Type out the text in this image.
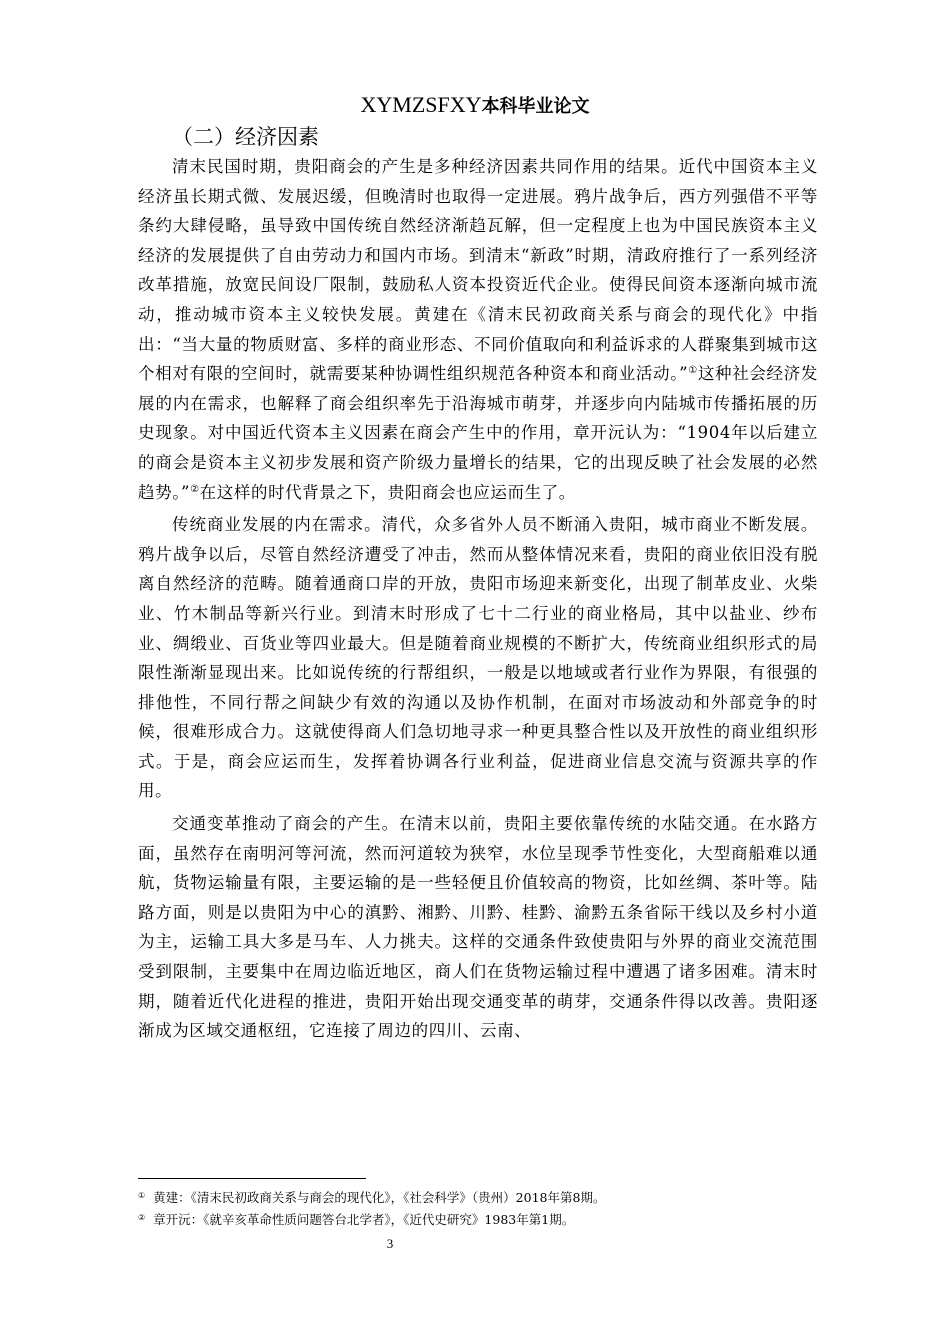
XYMZSFXY本科毕业论文
（二）经济因素

清末民国时期，贵阳商会的产生是多种经济因素共同作用的结果。近代中国资本主义经济虽长期式微、发展迟缓，但晚清时也取得一定进展。鸦片战争后，西方列强借不平等条约大肆侵略，虽导致中国传统自然经济渐趋瓦解，但一定程度上也为中国民族资本主义经济的发展提供了自由劳动力和国内市场。到清末“新政”时期，清政府推行了一系列经济改革措施，放宽民间设厂限制，鼓励私人资本投资近代企业。使得民间资本逐渐向城市流动，推动城市资本主义较快发展。黄建在《清末民初政商关系与商会的现代化》中指出：“当大量的物质财富、多样的商业形态、不同价值取向和利益诉求的人群聚集到城市这个相对有限的空间时，就需要某种协调性组织规范各种资本和商业活动。”①这种社会经济发展的内在需求，也解释了商会组织率先于沿海城市萌芽，并逐步向内陆城市传播拓展的历史现象。对中国近代资本主义因素在商会产生中的作用，章开沅认为：“1904年以后建立的商会是资本主义初步发展和资产阶级力量增长的结果，它的出现反映了社会发展的必然趋势。”②在这样的时代背景之下，贵阳商会也应运而生了。

传统商业发展的内在需求。清代，众多省外人员不断涌入贵阳，城市商业不断发展。鸦片战争以后，尽管自然经济遭受了冲击，然而从整体情况来看，贵阳的商业依旧没有脱离自然经济的范畴。随着通商口岸的开放，贵阳市场迎来新变化，出现了制革皮业、火柴业、竹木制品等新兴行业。到清末时形成了七十二行业的商业格局，其中以盐业、纱布业、绸缎业、百货业等四业最大。但是随着商业规模的不断扩大，传统商业组织形式的局限性渐渐显现出来。比如说传统的行帮组织，一般是以地域或者行业作为界限，有很强的排他性，不同行帮之间缺少有效的沟通以及协作机制，在面对市场波动和外部竞争的时候，很难形成合力。这就使得商人们急切地寻求一种更具整合性以及开放性的商业组织形式。于是，商会应运而生，发挥着协调各行业利益，促进商业信息交流与资源共享的作用。

交通变革推动了商会的产生。在清末以前，贵阳主要依靠传统的水陆交通。在水路方面，虽然存在南明河等河流，然而河道较为狭窄，水位呈现季节性变化，大型商船难以通航，货物运输量有限，主要运输的是一些轻便且价值较高的物资，比如丝绸、茶叶等。陆路方面，则是以贵阳为中心的滇黔、湘黔、川黔、桂黔、渝黔五条省际干线以及乡村小道为主，运输工具大多是马车、人力挑夫。这样的交通条件致使贵阳与外界的商业交流范围受到限制，主要集中在周边临近地区，商人们在货物运输过程中遭遇了诸多困难。清末时期，随着近代化进程的推进，贵阳开始出现交通变革的萌芽，交通条件得以改善。贵阳逐渐成为区域交通枢纽，它连接了周边的四川、云南、

① 黄建：《清末民初政商关系与商会的现代化》，《社会科学》（贵州）2018年第8期。
② 章开沅：《就辛亥革命性质问题答台北学者》，《近代史研究》1983年第1期。
3
